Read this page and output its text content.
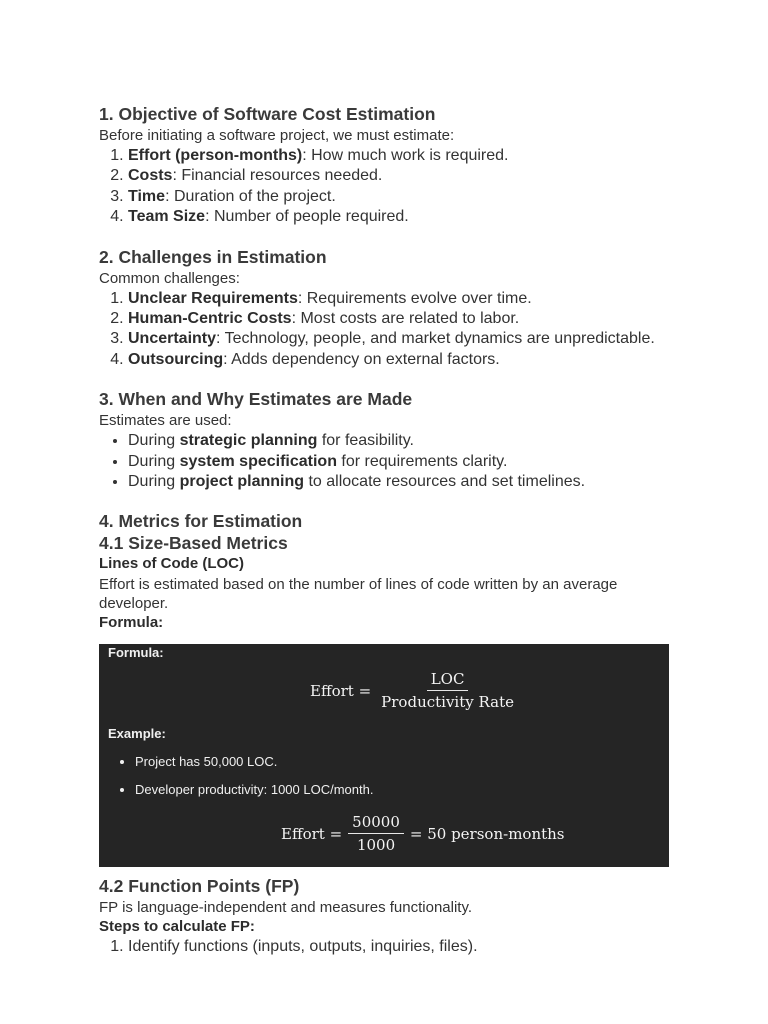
1. Objective of Software Cost Estimation

Before initiating a software project, we must estimate:

1. Effort (person-months): How much work is required.
2. Costs: Financial resources needed.
3. Time: Duration of the project.
4. Team Size: Number of people required.
2. Challenges in Estimation

Common challenges:

1. Unclear Requirements: Requirements evolve over time.
2. Human-Centric Costs: Most costs are related to labor.
3. Uncertainty: Technology, people, and market dynamics are unpredictable.
4. Outsourcing: Adds dependency on external factors.
3. When and Why Estimates are Made

Estimates are used:

• During strategic planning for feasibility.
• During system specification for requirements clarity.
• During project planning to allocate resources and set timelines.
4. Metrics for Estimation
4.1 Size-Based Metrics

Lines of Code (LOC)

Effort is estimated based on the number of lines of code written by an average developer.

Formula:

Formula:
Effort = $\frac{\text{LOC}}{\text{Productivity Rate}}$
Example:
• Project has 50,000 LOC.
• Developer productivity: 1000 LOC/month.
Effort = $\frac{50000}{1000} = 50$ person-months
4.2 Function Points (FP)

FP is language-independent and measures functionality.

Steps to calculate FP:

1. Identify functions (inputs, outputs, inquiries, files).
